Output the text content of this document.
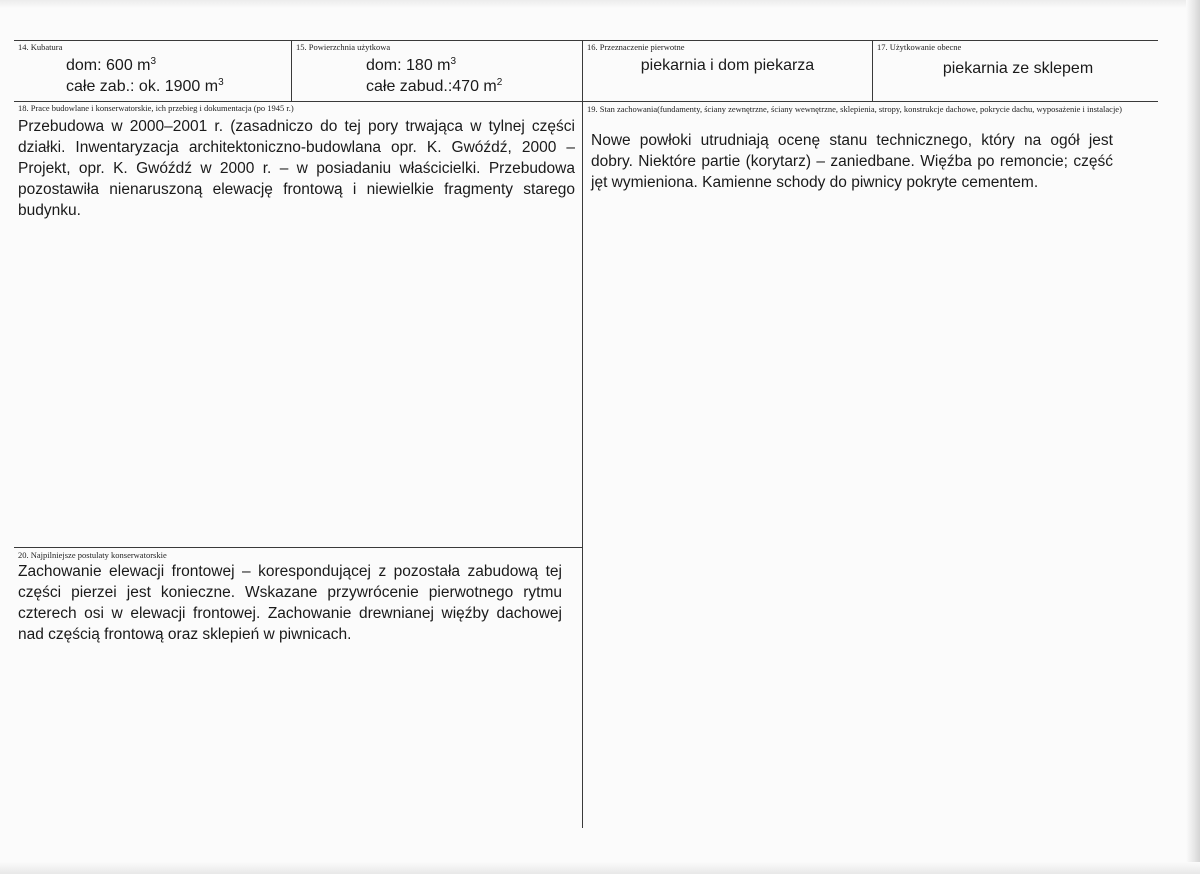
14. Kubatura
dom: 600 $m^3$
całe zab.: ok. 1900 $m^3$
15. Powierzchnia użytkowa
dom: 180 $m^3$
całe zabud.:470 $m^2$
16. Przeznaczenie pierwotne
piekarnia i dom piekarza
17. Użytkowanie obecne
piekarnia ze sklepem
18. Prace budowlane i konserwatorskie, ich przebieg i dokumentacja (po 1945 r.)
Przebudowa w 2000–2001 r. (zasadniczo do tej pory trwająca w tylnej części działki. Inwentaryzacja architektoniczno-budowlana opr. K. Gwóźdź, 2000 – Projekt, opr. K. Gwóźdź w 2000 r. – w posiadaniu właścicielki. Przebudowa pozostawiła nienaruszoną elewację frontową i niewielkie fragmenty starego budynku.
19. Stan zachowania(fundamenty, ściany zewnętrzne, ściany wewnętrzne, sklepienia, stropy, konstrukcje dachowe, pokrycie dachu, wyposażenie i instalacje)
Nowe powłoki utrudniają ocenę stanu technicznego, który na ogół jest dobry. Niektóre partie (korytarz) – zaniedbane. Więźba po remoncie; część jęt wymieniona. Kamienne schody do piwnicy pokryte cementem.
20. Najpilniejsze postulaty konserwatorskie
Zachowanie elewacji frontowej – korespondującej z pozostała zabudową tej części pierzei jest konieczne. Wskazane przywrócenie pierwotnego rytmu czterech osi w elewacji frontowej. Zachowanie drewnianej więźby dachowej nad częścią frontową oraz sklepień w piwnicach.
